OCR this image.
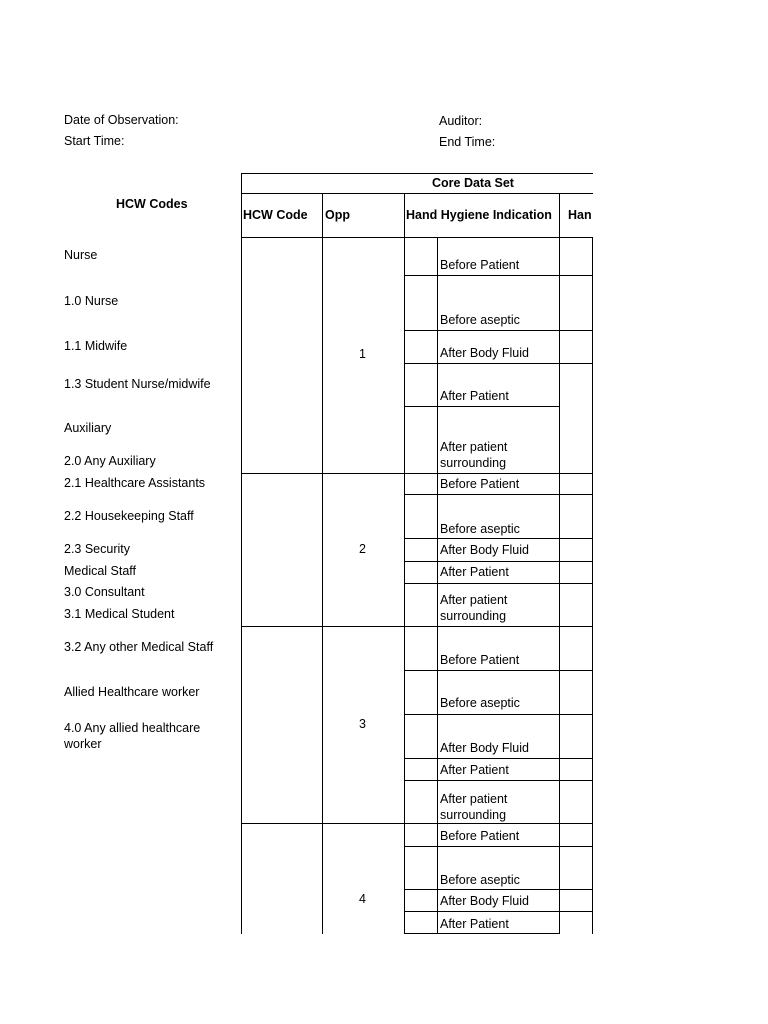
Date of Observation:
Start Time:
Auditor:
End Time:
HCW Codes
Nurse
1.0 Nurse
1.1 Midwife
1.3 Student Nurse/midwife
Auxiliary
2.0 Any Auxiliary
2.1 Healthcare Assistants
2.2 Housekeeping Staff
2.3 Security
Medical Staff
3.0 Consultant
3.1 Medical Student
3.2 Any other Medical Staff
Allied Healthcare worker
4.0 Any allied healthcare
worker
Core Data Set
HCW Code Opp	Hand Hygiene Indication Han
1
2
3
4
Before Patient
Before aseptic
After Body Fluid
After Patient
After patient
surrounding
Before Patient
Before aseptic
After Body Fluid
After Patient
After patient
surrounding
Before Patient
Before aseptic
After Body Fluid
After Patient
After patient
surrounding
Before Patient
Before aseptic
After Body Fluid
After Patient
